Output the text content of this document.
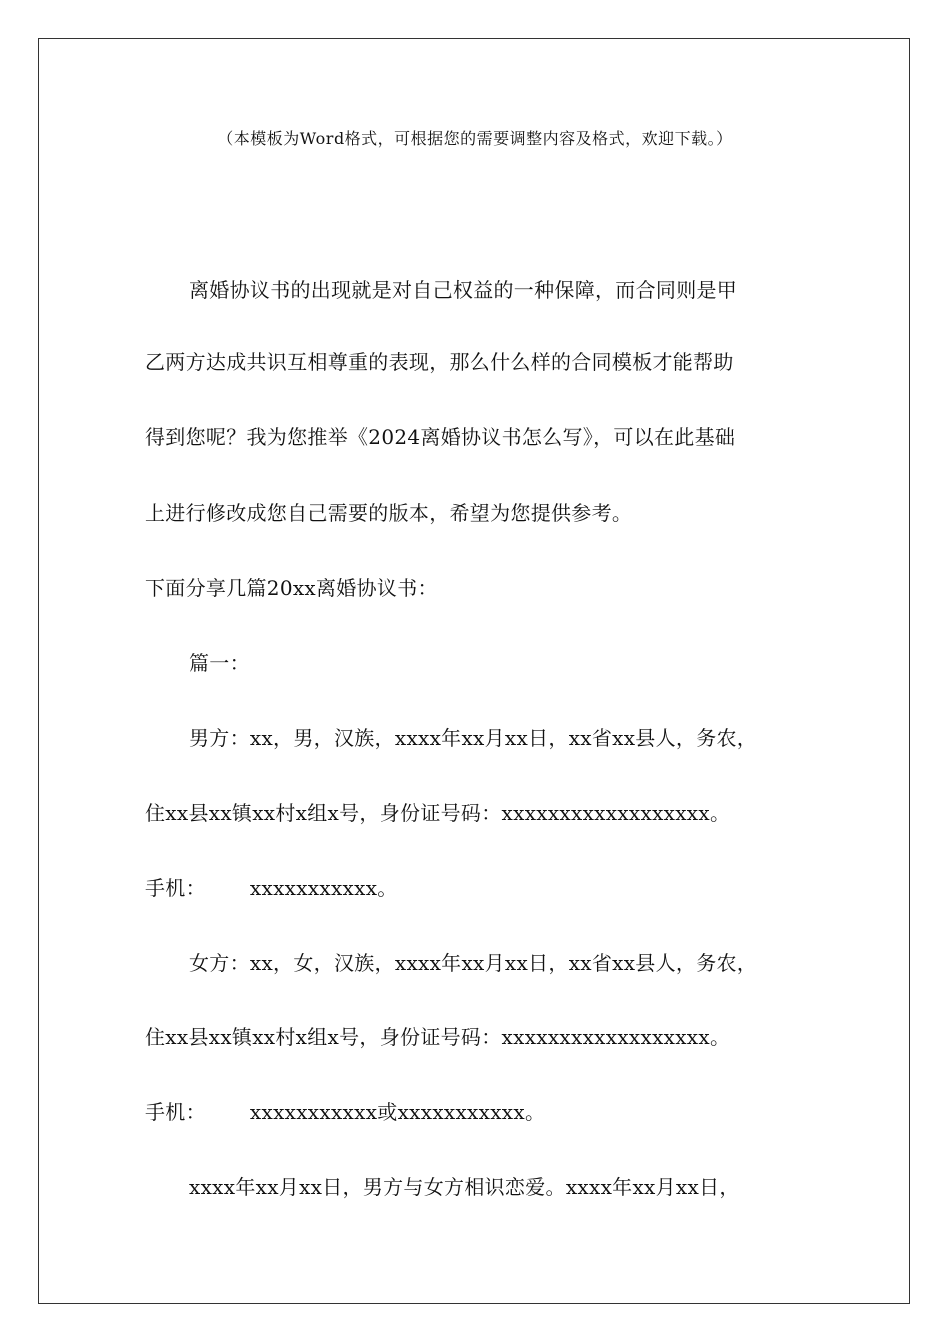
（本模板为Word格式，可根据您的需要调整内容及格式，欢迎下载。）
离婚协议书的出现就是对自己权益的一种保障，而合同则是甲
乙两方达成共识互相尊重的表现，那么什么样的合同模板才能帮助
得到您呢？我为您推举《2024离婚协议书怎么写》，可以在此基础
上进行修改成您自己需要的版本，希望为您提供参考。
下面分享几篇20xx离婚协议书：
篇一：
男方：xx，男，汉族，xxxx年xx月xx日，xx省xx县人，务农，
住xx县xx镇xx村x组x号，身份证号码：xxxxxxxxxxxxxxxxxx。
手机： xxxxxxxxxxx。
女方：xx，女，汉族，xxxx年xx月xx日，xx省xx县人，务农，
住xx县xx镇xx村x组x号，身份证号码：xxxxxxxxxxxxxxxxxx。
手机： xxxxxxxxxxx或xxxxxxxxxxx。
xxxx年xx月xx日，男方与女方相识恋爱。xxxx年xx月xx日，
